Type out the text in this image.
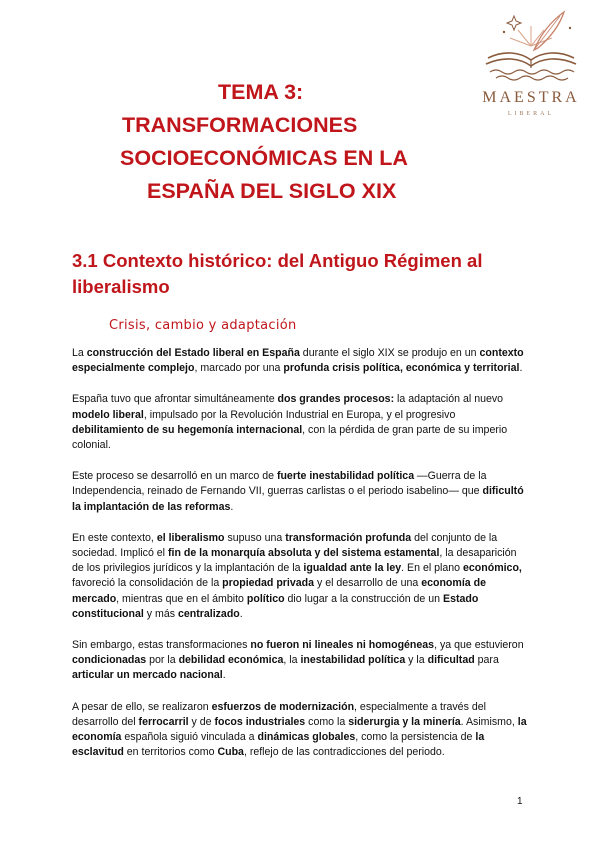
MAESTRA
LIBERAL
TEMA 3:
TRANSFORMACIONES
SOCIOECONÓMICAS EN LA
ESPAÑA DEL SIGLO XIX
3.1 Contexto histórico: del Antiguo Régimen al liberalismo
Crisis, cambio y adaptación

La construcción del Estado liberal en España durante el siglo XIX se produjo en un contexto especialmente complejo, marcado por una profunda crisis política, económica y territorial.

España tuvo que afrontar simultáneamente dos grandes procesos: la adaptación al nuevo modelo liberal, impulsado por la Revolución Industrial en Europa, y el progresivo debilitamiento de su hegemonía internacional, con la pérdida de gran parte de su imperio colonial.

Este proceso se desarrolló en un marco de fuerte inestabilidad política —Guerra de la Independencia, reinado de Fernando VII, guerras carlistas o el periodo isabelino— que dificultó la implantación de las reformas.

En este contexto, el liberalismo supuso una transformación profunda del conjunto de la sociedad. Implicó el fin de la monarquía absoluta y del sistema estamental, la desaparición de los privilegios jurídicos y la implantación de la igualdad ante la ley. En el plano económico, favoreció la consolidación de la propiedad privada y el desarrollo de una economía de mercado, mientras que en el ámbito político dio lugar a la construcción de un Estado constitucional y más centralizado.

Sin embargo, estas transformaciones no fueron ni lineales ni homogéneas, ya que estuvieron condicionadas por la debilidad económica, la inestabilidad política y la dificultad para articular un mercado nacional.

A pesar de ello, se realizaron esfuerzos de modernización, especialmente a través del desarrollo del ferrocarril y de focos industriales como la siderurgia y la minería. Asimismo, la economía española siguió vinculada a dinámicas globales, como la persistencia de la esclavitud en territorios como Cuba, reflejo de las contradicciones del periodo.

1
